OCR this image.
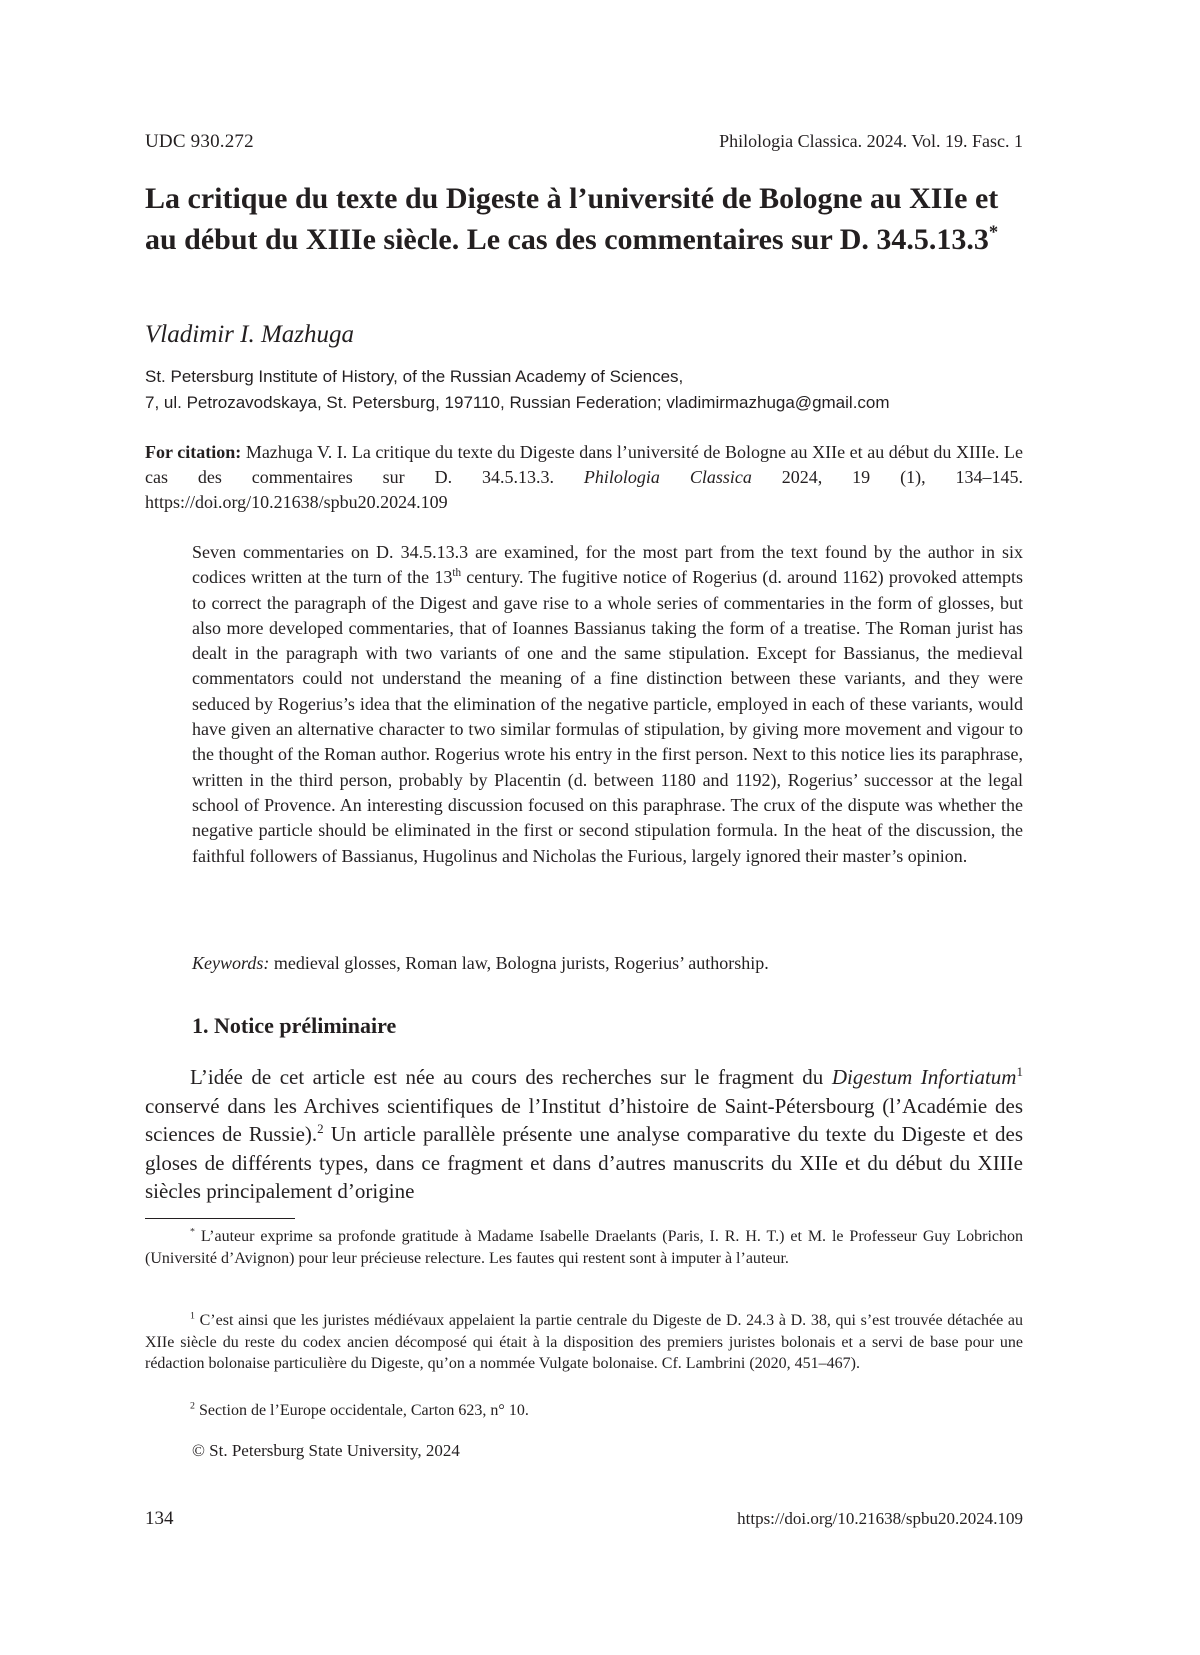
UDC 930.272	Philologia Classica. 2024. Vol. 19. Fasc. 1
La critique du texte du Digeste à l’université de Bologne au XIIe et au début du XIIIe siècle. Le cas des commentaires sur D. 34.5.13.3*
Vladimir I. Mazhuga
St. Petersburg Institute of History, of the Russian Academy of Sciences,
7, ul. Petrozavodskaya, St. Petersburg, 197110, Russian Federation; vladimirmazhuga@gmail.com
For citation: Mazhuga V. I. La critique du texte du Digeste dans l’université de Bologne au XIIe et au début du XIIIe. Le cas des commentaires sur D. 34.5.13.3. Philologia Classica 2024, 19 (1), 134–145. https://doi.org/10.21638/spbu20.2024.109
Seven commentaries on D. 34.5.13.3 are examined, for the most part from the text found by the author in six codices written at the turn of the 13th century. The fugitive notice of Rogerius (d. around 1162) provoked attempts to correct the paragraph of the Digest and gave rise to a whole series of commentaries in the form of glosses, but also more developed commentaries, that of Ioannes Bassianus taking the form of a treatise. The Roman jurist has dealt in the paragraph with two variants of one and the same stipulation. Except for Bassianus, the medieval commentators could not understand the meaning of a fine distinction between these variants, and they were seduced by Rogerius’s idea that the elimination of the negative particle, employed in each of these variants, would have given an alternative character to two similar formulas of stipulation, by giving more movement and vigour to the thought of the Roman author. Rogerius wrote his entry in the first person. Next to this notice lies its paraphrase, written in the third person, probably by Placentin (d. between 1180 and 1192), Rogerius’ successor at the legal school of Provence. An interesting discussion focused on this paraphrase. The crux of the dispute was whether the negative particle should be eliminated in the first or second stipulation formula. In the heat of the discussion, the faithful followers of Bassianus, Hugolinus and Nicholas the Furious, largely ignored their master’s opinion.
Keywords: medieval glosses, Roman law, Bologna jurists, Rogerius’ authorship.
1. Notice préliminaire
L’idée de cet article est née au cours des recherches sur le fragment du Digestum Infortiatum$^1$ conservé dans les Archives scientifiques de l’Institut d’histoire de Saint-Pétersbourg (l’Académie des sciences de Russie).$^2$ Un article parallèle présente une analyse comparative du texte du Digeste et des gloses de différents types, dans ce fragment et dans d’autres manuscrits du XIIe et du début du XIIIe siècles principalement d’origine
* L’auteur exprime sa profonde gratitude à Madame Isabelle Draelants (Paris, I. R. H. T.) et M. le Professeur Guy Lobrichon (Université d’Avignon) pour leur précieuse relecture. Les fautes qui restent sont à imputer à l’auteur.
$^1$ C’est ainsi que les juristes médiévaux appelaient la partie centrale du Digeste de D. 24.3 à D. 38, qui s’est trouvée détachée au XIIe siècle du reste du codex ancien décomposé qui était à la disposition des premiers juristes bolonais et a servi de base pour une rédaction bolonaise particulière du Digeste, qu’on a nommée Vulgate bolonaise. Cf. Lambrini (2020, 451–467).
$^2$ Section de l’Europe occidentale, Carton 623, n° 10.
© St. Petersburg State University, 2024
134	https://doi.org/10.21638/spbu20.2024.109
